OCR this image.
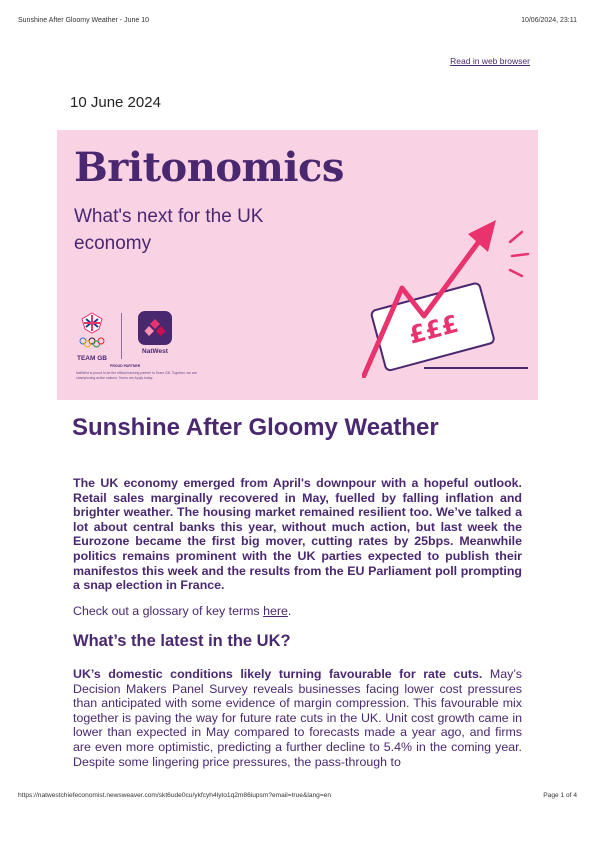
Sunshine After Gloomy Weather - June 10	10/06/2024, 23:11
Read in web browser
10 June 2024
Britonomics
What's next for the UK economy
TEAM GB
NatWest
PROUD PARTNER
NatWest is proud to be the official banking partner to Team GB. Together, we are championing active nations. Terms are Apply today.
£££
Sunshine After Gloomy Weather
The UK economy emerged from April's downpour with a hopeful outlook. Retail sales marginally recovered in May, fuelled by falling inflation and brighter weather. The housing market remained resilient too. We’ve talked a lot about central banks this year, without much action, but last week the Eurozone became the first big mover, cutting rates by 25bps. Meanwhile politics remains prominent with the UK parties expected to publish their manifestos this week and the results from the EU Parliament poll prompting a snap election in France.
Check out a glossary of key terms here.
What’s the latest in the UK?
UK’s domestic conditions likely turning favourable for rate cuts. May’s Decision Makers Panel Survey reveals businesses facing lower cost pressures than anticipated with some evidence of margin compression. This favourable mix together is paving the way for future rate cuts in the UK. Unit cost growth came in lower than expected in May compared to forecasts made a year ago, and firms are even more optimistic, predicting a further decline to 5.4% in the coming year. Despite some lingering price pressures, the pass-through to
https://natwestchiefeconomist.newsweaver.com/skt6ude0cu/ykfcyh4lyto1q2m86iupsm?email=true&lang=en	Page 1 of 4
